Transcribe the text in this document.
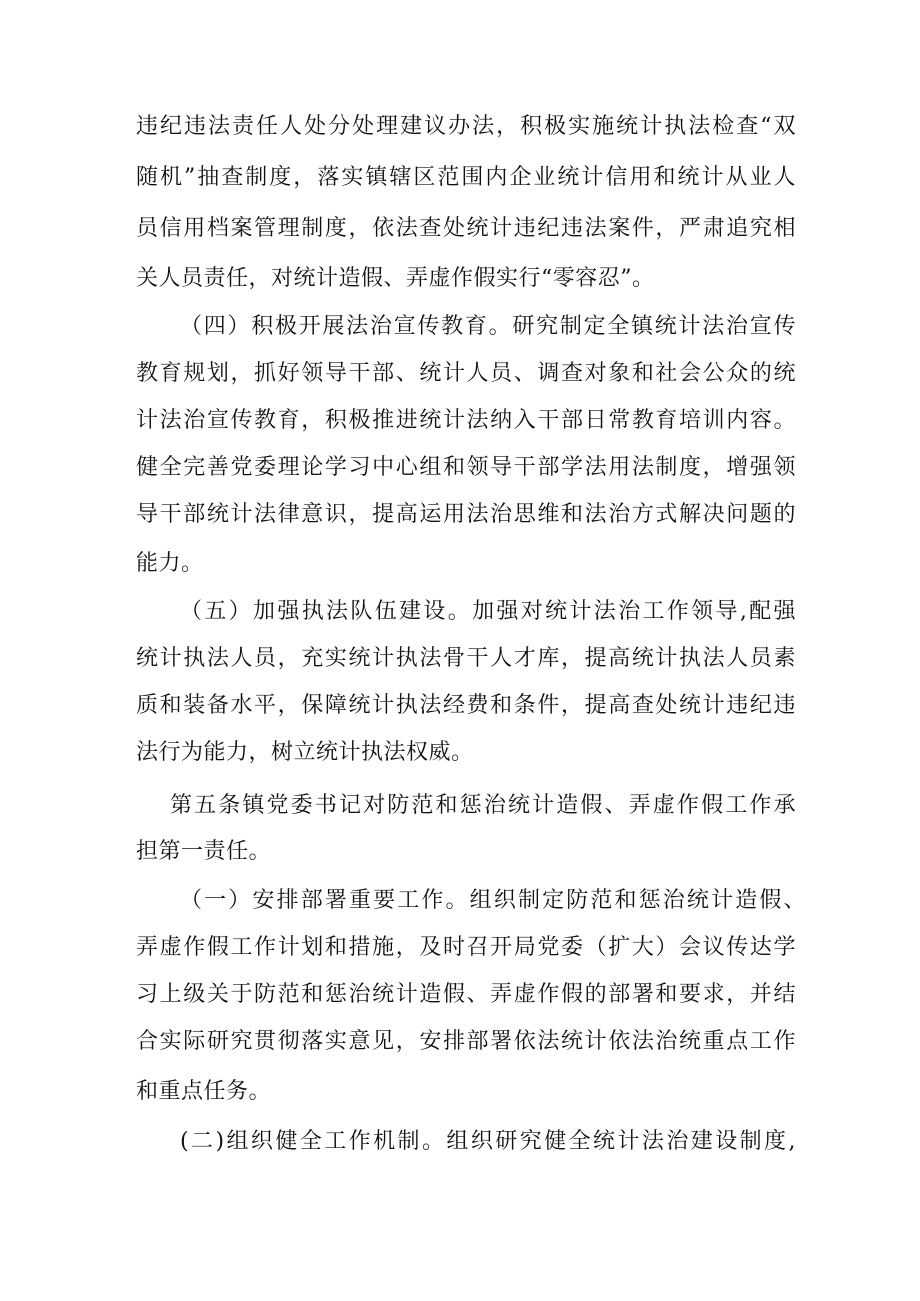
违纪违法责任人处分处理建议办法，积极实施统计执法检查“双
随机”抽查制度，落实镇辖区范围内企业统计信用和统计从业人
员信用档案管理制度，依法查处统计违纪违法案件，严肃追究相
关人员责任，对统计造假、弄虚作假实行“零容忍”。
（四）积极开展法治宣传教育。研究制定全镇统计法治宣传
教育规划，抓好领导干部、统计人员、调查对象和社会公众的统
计法治宣传教育，积极推进统计法纳入干部日常教育培训内容。
健全完善党委理论学习中心组和领导干部学法用法制度，增强领
导干部统计法律意识，提高运用法治思维和法治方式解决问题的
能力。
（五）加强执法队伍建设。加强对统计法治工作领导,配强
统计执法人员，充实统计执法骨干人才库，提高统计执法人员素
质和装备水平，保障统计执法经费和条件，提高查处统计违纪违
法行为能力，树立统计执法权威。
第五条镇党委书记对防范和惩治统计造假、弄虚作假工作承
担第一责任。
（一）安排部署重要工作。组织制定防范和惩治统计造假、
弄虚作假工作计划和措施，及时召开局党委（扩大）会议传达学
习上级关于防范和惩治统计造假、弄虚作假的部署和要求，并结
合实际研究贯彻落实意见，安排部署依法统计依法治统重点工作
和重点任务。
(二)组织健全工作机制。组织研究健全统计法治建设制度,
